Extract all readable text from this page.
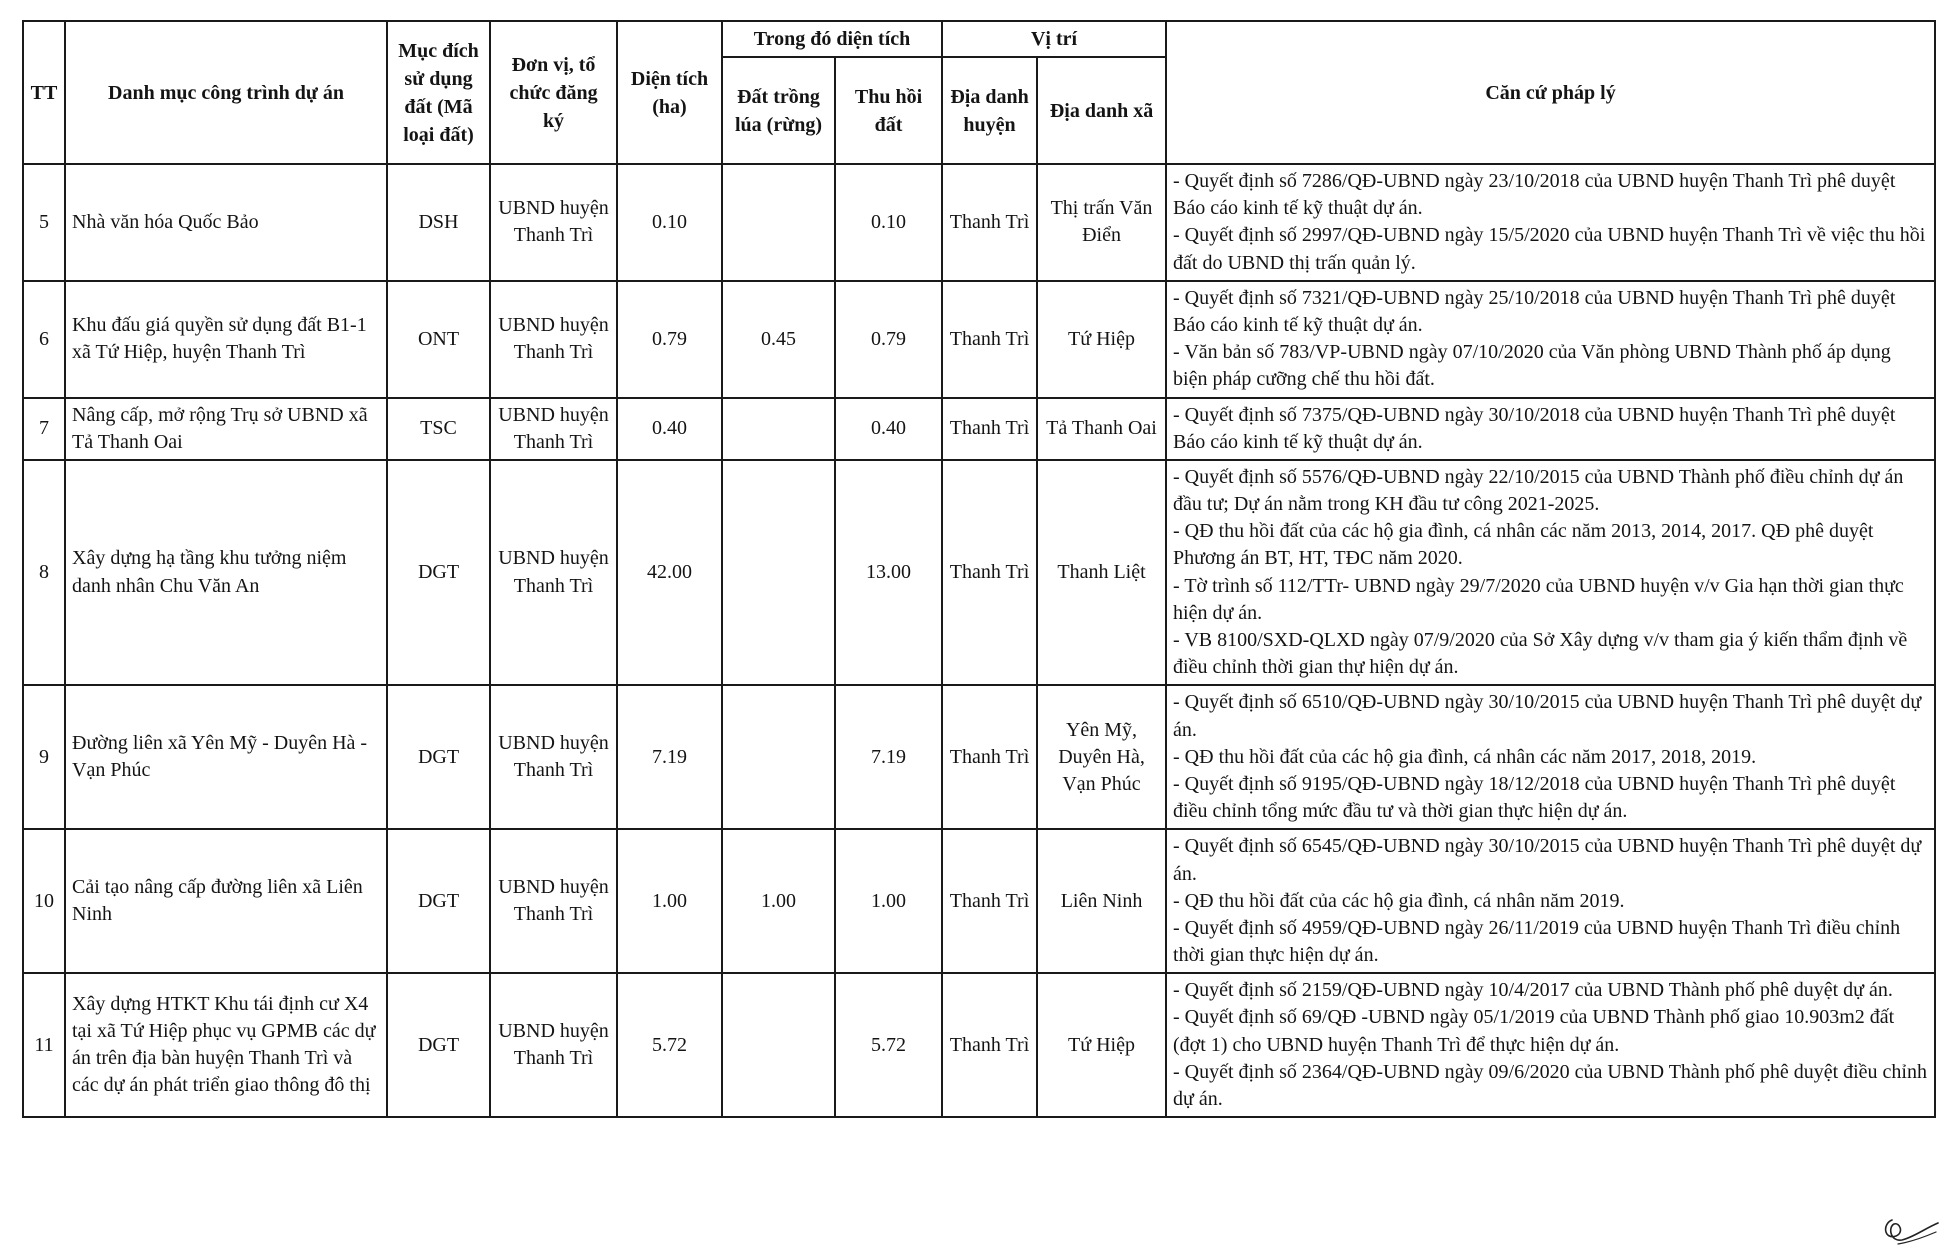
TT	Danh mục công trình dự án	Mục đích sử dụng đất (Mã loại đất)	Đơn vị, tổ chức đăng ký	Diện tích (ha)	Trong đó diện tích		Vị trí		Căn cứ pháp lý
					Đất trồng lúa (rừng)	Thu hồi đất	Địa danh huyện	Địa danh xã	
5	Nhà văn hóa Quốc Bảo	DSH	UBND huyện Thanh Trì	0.10		0.10	Thanh Trì	Thị trấn Văn Điển	- Quyết định số 7286/QĐ-UBND ngày 23/10/2018 của UBND huyện Thanh Trì phê duyệt Báo cáo kinh tế kỹ thuật dự án.
- Quyết định số 2997/QĐ-UBND ngày 15/5/2020 của UBND huyện Thanh Trì về việc thu hồi đất do UBND thị trấn quản lý.

6	Khu đấu giá quyền sử dụng đất B1-1 xã Tứ Hiệp, huyện Thanh Trì	ONT	UBND huyện Thanh Trì	0.79	0.45	0.79	Thanh Trì	Tứ Hiệp	- Quyết định số 7321/QĐ-UBND ngày 25/10/2018 của UBND huyện Thanh Trì phê duyệt Báo cáo kinh tế kỹ thuật dự án.
- Văn bản số 783/VP-UBND ngày 07/10/2020 của Văn phòng UBND Thành phố áp dụng biện pháp cưỡng chế thu hồi đất.

7	Nâng cấp, mở rộng Trụ sở UBND xã Tả Thanh Oai	TSC	UBND huyện Thanh Trì	0.40		0.40	Thanh Trì	Tả Thanh Oai	- Quyết định số 7375/QĐ-UBND ngày 30/10/2018 của UBND huyện Thanh Trì phê duyệt Báo cáo kinh tế kỹ thuật dự án.

8	Xây dựng hạ tầng khu tưởng niệm danh nhân Chu Văn An	DGT	UBND huyện Thanh Trì	42.00		13.00	Thanh Trì	Thanh Liệt	- Quyết định số 5576/QĐ-UBND ngày 22/10/2015 của UBND Thành phố điều chỉnh dự án đầu tư; Dự án nằm trong KH đầu tư công 2021-2025.
- QĐ thu hồi đất của các hộ gia đình, cá nhân các năm 2013, 2014, 2017. QĐ phê duyệt Phương án BT, HT, TĐC năm 2020.
- Tờ trình số 112/TTr- UBND ngày 29/7/2020 của UBND huyện v/v Gia hạn thời gian thực hiện dự án.
- VB 8100/SXD-QLXD ngày 07/9/2020 của Sở Xây dựng v/v tham gia ý kiến thẩm định về điều chỉnh thời gian thự hiện dự án.

9	Đường liên xã Yên Mỹ - Duyên Hà - Vạn Phúc	DGT	UBND huyện Thanh Trì	7.19		7.19	Thanh Trì	Yên Mỹ, Duyên Hà, Vạn Phúc	- Quyết định số 6510/QĐ-UBND ngày 30/10/2015 của UBND huyện Thanh Trì phê duyệt dự án.
- QĐ thu hồi đất của các hộ gia đình, cá nhân các năm 2017, 2018, 2019.
- Quyết định số 9195/QĐ-UBND ngày 18/12/2018 của UBND huyện Thanh Trì phê duyệt điều chỉnh tổng mức đầu tư và thời gian thực hiện dự án.

10	Cải tạo nâng cấp đường liên xã Liên Ninh	DGT	UBND huyện Thanh Trì	1.00	1.00	1.00	Thanh Trì	Liên Ninh	- Quyết định số 6545/QĐ-UBND ngày 30/10/2015 của UBND huyện Thanh Trì phê duyệt dự án.
- QĐ thu hồi đất của các hộ gia đình, cá nhân năm 2019.
- Quyết định số 4959/QĐ-UBND ngày 26/11/2019 của UBND huyện Thanh Trì điều chỉnh thời gian thực hiện dự án.

11	Xây dựng HTKT Khu tái định cư X4 tại xã Tứ Hiệp phục vụ GPMB các dự án trên địa bàn huyện Thanh Trì và các dự án phát triển giao thông đô thị	DGT	UBND huyện Thanh Trì	5.72		5.72	Thanh Trì	Tứ Hiệp	- Quyết định số 2159/QĐ-UBND ngày 10/4/2017 của UBND Thành phố phê duyệt dự án.
- Quyết định số 69/QĐ -UBND ngày 05/1/2019 của UBND Thành phố giao 10.903m2 đất (đợt 1) cho UBND huyện Thanh Trì để thực hiện dự án.
- Quyết định số 2364/QĐ-UBND ngày 09/6/2020 của UBND Thành phố phê duyệt điều chỉnh dự án.
